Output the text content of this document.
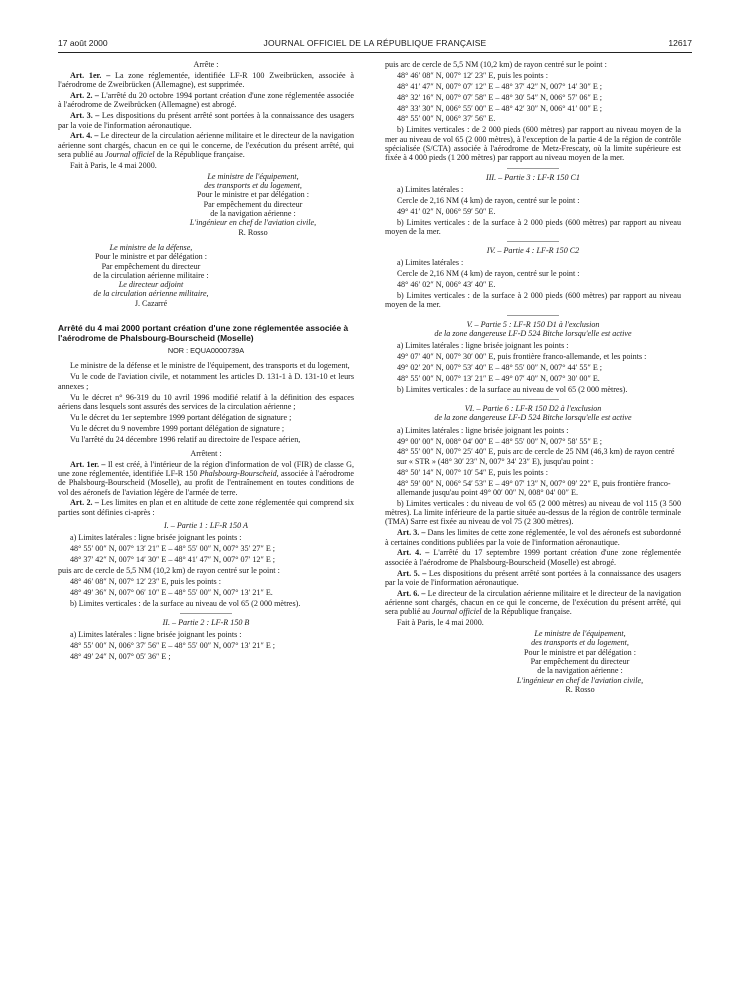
17 août 2000	JOURNAL OFFICIEL DE LA RÉPUBLIQUE FRANÇAISE	12617

Arrête :

Art. 1er. – La zone réglementée, identifiée LF-R 100 Zweibrücken, associée à l'aérodrome de Zweibrücken (Allemagne), est supprimée.

Art. 2. – L'arrêté du 20 octobre 1994 portant création d'une zone réglementée associée à l'aérodrome de Zweibrücken (Allemagne) est abrogé.

Art. 3. – Les dispositions du présent arrêté sont portées à la connaissance des usagers par la voie de l'information aéronautique.

Art. 4. – Le directeur de la circulation aérienne militaire et le directeur de la navigation aérienne sont chargés, chacun en ce qui le concerne, de l'exécution du présent arrêté, qui sera publié au Journal officiel de la République française.

Fait à Paris, le 4 mai 2000.

Le ministre de l'équipement,

des transports et du logement,

Pour le ministre et par délégation :

Par empêchement du directeur

de la navigation aérienne :

L'ingénieur en chef de l'aviation civile,

R. Rosso

Le ministre de la défense,

Pour le ministre et par délégation :

Par empêchement du directeur

de la circulation aérienne militaire :

Le directeur adjoint

de la circulation aérienne militaire,

J. Cazarré

Arrêté du 4 mai 2000 portant création d'une zone réglementée associée à l'aérodrome de Phalsbourg-Bourscheid (Moselle)

NOR : EQUA0000739A

Le ministre de la défense et le ministre de l'équipement, des transports et du logement,

Vu le code de l'aviation civile, et notamment les articles D. 131-1 à D. 131-10 et leurs annexes ;

Vu le décret n° 96-319 du 10 avril 1996 modifié relatif à la définition des espaces aériens dans lesquels sont assurés des services de la circulation aérienne ;

Vu le décret du 1er septembre 1999 portant délégation de signature ;

Vu le décret du 9 novembre 1999 portant délégation de signature ;

Vu l'arrêté du 24 décembre 1996 relatif au directoire de l'espace aérien,

Arrêtent :

Art. 1er. – Il est créé, à l'intérieur de la région d'information de vol (FIR) de classe G, une zone réglementée, identifiée LF-R 150 Phalsbourg-Bourscheid, associée à l'aérodrome de Phalsbourg-Bourscheid (Moselle), au profit de l'entraînement en toutes conditions de vol des aéronefs de l'aviation légère de l'armée de terre.

Art. 2. – Les limites en plan et en altitude de cette zone réglementée qui comprend six parties sont définies ci-après :

I. – Partie 1 : LF-R 150 A

a) Limites latérales : ligne brisée joignant les points :

48° 55′ 00″ N, 007° 13′ 21″ E – 48° 55′ 00″ N, 007° 35′ 27″ E ;

48° 37′ 42″ N, 007° 14′ 30″ E – 48° 41′ 47″ N, 007° 07′ 12″ E ;

puis arc de cercle de 5,5 NM (10,2 km) de rayon centré sur le point :

48° 46′ 08″ N, 007° 12′ 23″ E, puis les points :

48° 49′ 36″ N, 007° 06′ 10″ E – 48° 55′ 00″ N, 007° 13′ 21″ E.

b) Limites verticales : de la surface au niveau de vol 65 (2 000 mètres).

II. – Partie 2 : LF-R 150 B

a) Limites latérales : ligne brisée joignant les points :

48° 55′ 00″ N, 006° 37′ 56″ E – 48° 55′ 00″ N, 007° 13′ 21″ E ;

48° 49′ 24″ N, 007° 05′ 36″ E ;

puis arc de cercle de 5,5 NM (10,2 km) de rayon centré sur le point :

48° 46′ 08″ N, 007° 12′ 23″ E, puis les points :

48° 41′ 47″ N, 007° 07′ 12″ E – 48° 37′ 42″ N, 007° 14′ 30″ E ;

48° 32′ 16″ N, 007° 07′ 58″ E – 48° 30′ 54″ N, 006° 57′ 06″ E ;

48° 33′ 30″ N, 006° 55′ 00″ E – 48° 42′ 30″ N, 006° 41′ 00″ E ;

48° 55′ 00″ N, 006° 37′ 56″ E.

b) Limites verticales : de 2 000 pieds (600 mètres) par rapport au niveau moyen de la mer au niveau de vol 65 (2 000 mètres), à l'exception de la partie 4 de la région de contrôle spécialisée (S/CTA) associée à l'aérodrome de Metz-Frescaty, où la limite supérieure est fixée à 4 000 pieds (1 200 mètres) par rapport au niveau moyen de la mer.

III. – Partie 3 : LF-R 150 C1

a) Limites latérales :

Cercle de 2,16 NM (4 km) de rayon, centré sur le point :

49° 41′ 02″ N, 006° 59′ 50″ E.

b) Limites verticales : de la surface à 2 000 pieds (600 mètres) par rapport au niveau moyen de la mer.

IV. – Partie 4 : LF-R 150 C2

a) Limites latérales :

Cercle de 2,16 NM (4 km) de rayon, centré sur le point :

48° 46′ 02″ N, 006° 43′ 40″ E.

b) Limites verticales : de la surface à 2 000 pieds (600 mètres) par rapport au niveau moyen de la mer.

V. – Partie 5 : LF-R 150 D1 à l'exclusion

de la zone dangereuse LF-D 524 Bitche lorsqu'elle est active

a) Limites latérales : ligne brisée joignant les points :

49° 07′ 40″ N, 007° 30′ 00″ E, puis frontière franco-allemande, et les points :

49° 02′ 20″ N, 007° 53′ 40″ E – 48° 55′ 00″ N, 007° 44′ 55″ E ;

48° 55′ 00″ N, 007° 13′ 21″ E – 49° 07′ 40″ N, 007° 30′ 00″ E.

b) Limites verticales : de la surface au niveau de vol 65 (2 000 mètres).

VI. – Partie 6 : LF-R 150 D2 à l'exclusion

de la zone dangereuse LF-D 524 Bitche lorsqu'elle est active

a) Limites latérales : ligne brisée joignant les points :

49° 00′ 00″ N, 008° 04′ 00″ E – 48° 55′ 00″ N, 007° 58′ 55″ E ;

48° 55′ 00″ N, 007° 25′ 40″ E, puis arc de cercle de 25 NM (46,3 km) de rayon centré sur « STR » (48° 30′ 23″ N, 007° 34′ 23″ E), jusqu'au point :

48° 50′ 14″ N, 007° 10′ 54″ E, puis les points :

48° 59′ 00″ N, 006° 54′ 53″ E – 49° 07′ 13″ N, 007° 09′ 22″ E, puis frontière franco-allemande jusqu'au point 49° 00′ 00″ N, 008° 04′ 00″ E.

b) Limites verticales : du niveau de vol 65 (2 000 mètres) au niveau de vol 115 (3 500 mètres). La limite inférieure de la partie située au-dessus de la région de contrôle terminale (TMA) Sarre est fixée au niveau de vol 75 (2 300 mètres).

Art. 3. – Dans les limites de cette zone réglementée, le vol des aéronefs est subordonné à certaines conditions publiées par la voie de l'information aéronautique.

Art. 4. – L'arrêté du 17 septembre 1999 portant création d'une zone réglementée associée à l'aérodrome de Phalsbourg-Bourscheid (Moselle) est abrogé.

Art. 5. – Les dispositions du présent arrêté sont portées à la connaissance des usagers par la voie de l'information aéronautique.

Art. 6. – Le directeur de la circulation aérienne militaire et le directeur de la navigation aérienne sont chargés, chacun en ce qui le concerne, de l'exécution du présent arrêté, qui sera publié au Journal officiel de la République française.

Fait à Paris, le 4 mai 2000.

Le ministre de l'équipement,

des transports et du logement,

Pour le ministre et par délégation :

Par empêchement du directeur

de la navigation aérienne :

L'ingénieur en chef de l'aviation civile,

R. Rosso
